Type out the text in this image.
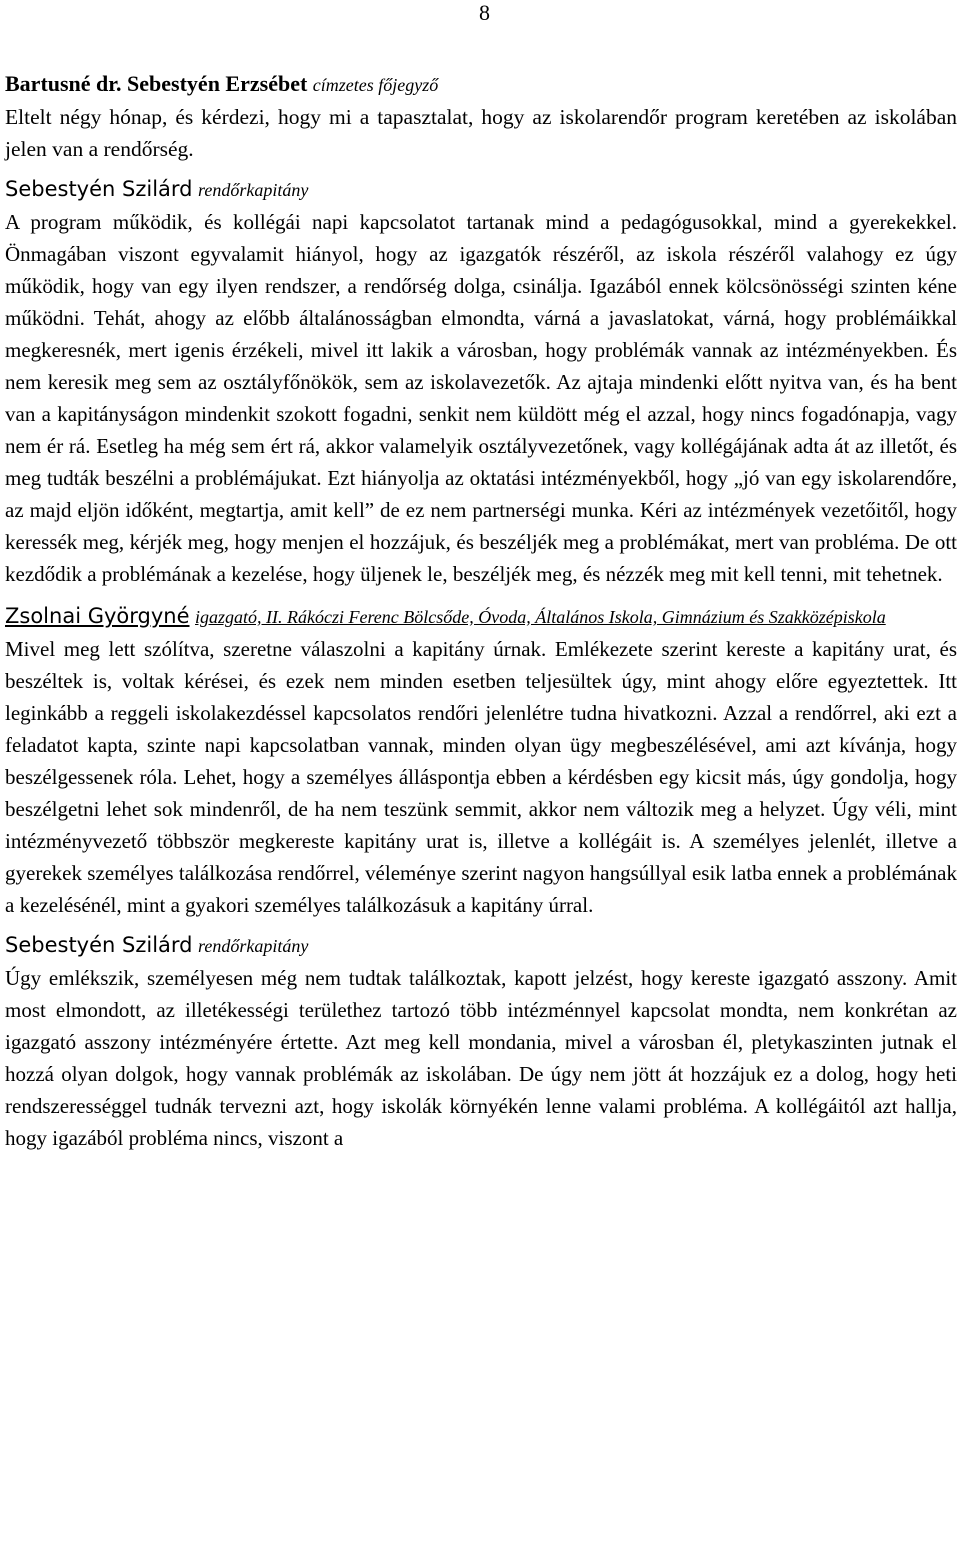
8

Bartusné dr. Sebestyén Erzsébet címzetes főjegyző

Eltelt négy hónap, és kérdezi, hogy mi a tapasztalat, hogy az iskolarendőr program keretében az iskolában jelen van a rendőrség.

Sebestyén Szilárd rendőrkapitány

A program működik, és kollégái napi kapcsolatot tartanak mind a pedagógusokkal, mind a gyerekekkel. Önmagában viszont egyvalamit hiányol, hogy az igazgatók részéről, az iskola részéről valahogy ez úgy működik, hogy van egy ilyen rendszer, a rendőrség dolga, csinálja. Igazából ennek kölcsönösségi szinten kéne működni. Tehát, ahogy az előbb általánosságban elmondta, várná a javaslatokat, várná, hogy problémáikkal megkeresnék, mert igenis érzékeli, mivel itt lakik a városban, hogy problémák vannak az intézményekben. És nem keresik meg sem az osztályfőnökök, sem az iskolavezetők. Az ajtaja mindenki előtt nyitva van, és ha bent van a kapitányságon mindenkit szokott fogadni, senkit nem küldött még el azzal, hogy nincs fogadónapja, vagy nem ér rá. Esetleg ha még sem ért rá, akkor valamelyik osztályvezetőnek, vagy kollégájának adta át az illetőt, és meg tudták beszélni a problémájukat. Ezt hiányolja az oktatási intézményekből, hogy „jó van egy iskolarendőre, az majd eljön időként, megtartja, amit kell” de ez nem partnerségi munka. Kéri az intézmények vezetőitől, hogy keressék meg, kérjék meg, hogy menjen el hozzájuk, és beszéljék meg a problémákat, mert van probléma. De ott kezdődik a problémának a kezelése, hogy üljenek le, beszéljék meg, és nézzék meg mit kell tenni, mit tehetnek.

Zsolnai Györgyné igazgató, II. Rákóczi Ferenc Bölcsőde, Óvoda, Általános Iskola, Gimnázium és Szakközépiskola

Mivel meg lett szólítva, szeretne válaszolni a kapitány úrnak. Emlékezete szerint kereste a kapitány urat, és beszéltek is, voltak kérései, és ezek nem minden esetben teljesültek úgy, mint ahogy előre egyeztettek. Itt leginkább a reggeli iskolakezdéssel kapcsolatos rendőri jelenlétre tudna hivatkozni. Azzal a rendőrrel, aki ezt a feladatot kapta, szinte napi kapcsolatban vannak, minden olyan ügy megbeszélésével, ami azt kívánja, hogy beszélgessenek róla. Lehet, hogy a személyes álláspontja ebben a kérdésben egy kicsit más, úgy gondolja, hogy beszélgetni lehet sok mindenről, de ha nem teszünk semmit, akkor nem változik meg a helyzet. Úgy véli, mint intézményvezető többször megkereste kapitány urat is, illetve a kollégáit is. A személyes jelenlét, illetve a gyerekek személyes találkozása rendőrrel, véleménye szerint nagyon hangsúllyal esik latba ennek a problémának a kezelésénél, mint a gyakori személyes találkozásuk a kapitány úrral.

Sebestyén Szilárd rendőrkapitány

Úgy emlékszik, személyesen még nem tudtak találkoztak, kapott jelzést, hogy kereste igazgató asszony. Amit most elmondott, az illetékességi területhez tartozó több intézménnyel kapcsolat mondta, nem konkrétan az igazgató asszony intézményére értette. Azt meg kell mondania, mivel a városban él, pletykaszinten jutnak el hozzá olyan dolgok, hogy vannak problémák az iskolában. De úgy nem jött át hozzájuk ez a dolog, hogy heti rendszerességgel tudnák tervezni azt, hogy iskolák környékén lenne valami probléma. A kollégáitól azt hallja, hogy igazából probléma nincs, viszont a
